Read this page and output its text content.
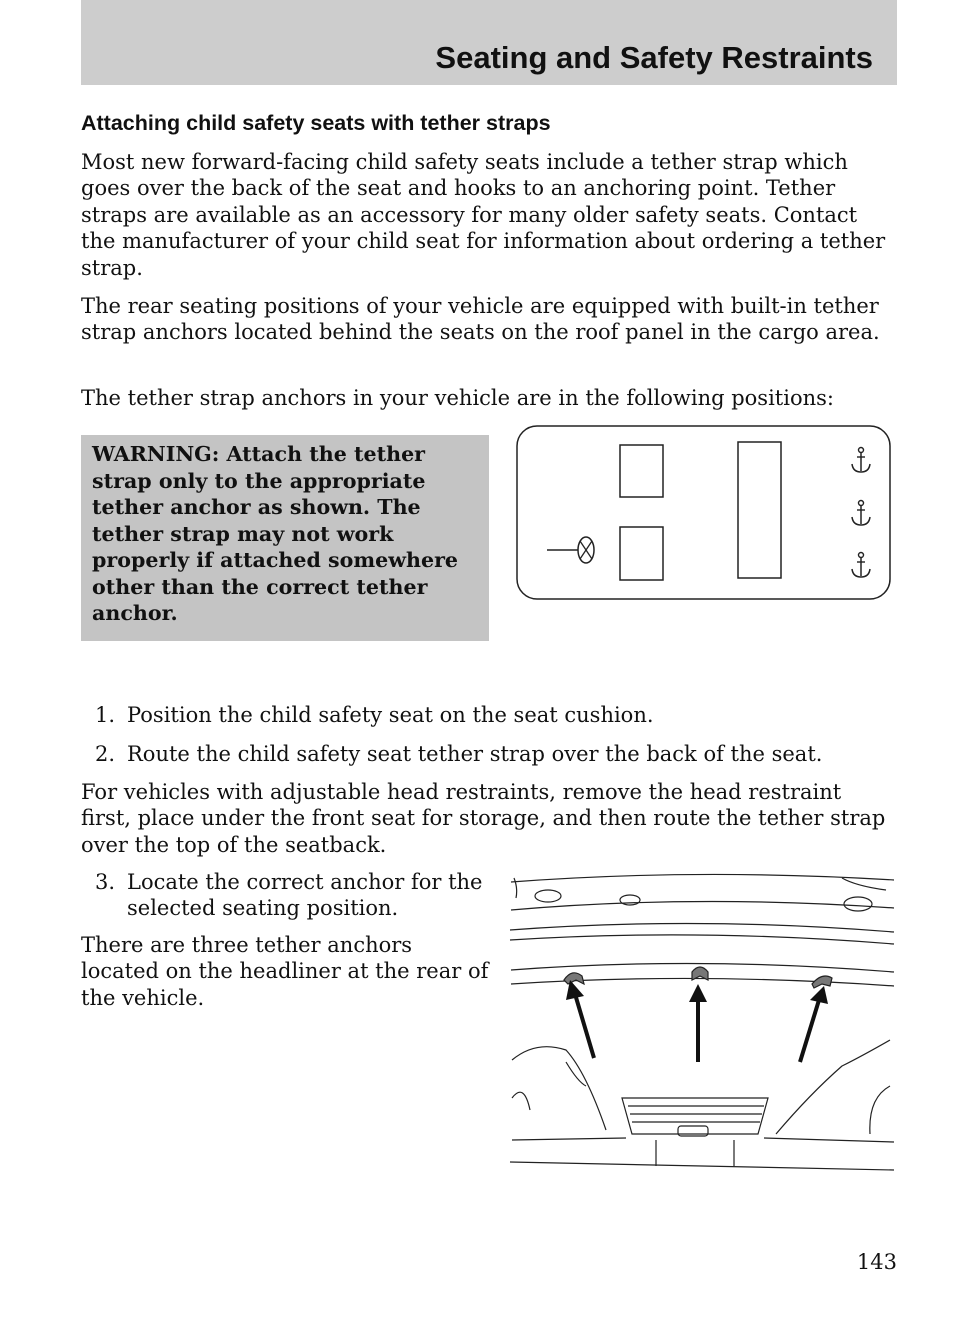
Seating and Safety Restraints
Attaching child safety seats with tether straps

Most new forward-facing child safety seats include a tether strap which goes over the back of the seat and hooks to an anchoring point. Tether straps are available as an accessory for many older safety seats. Contact the manufacturer of your child seat for information about ordering a tether strap.

The rear seating positions of your vehicle are equipped with built-in tether strap anchors located behind the seats on the roof panel in the cargo area.

The tether strap anchors in your vehicle are in the following positions:

WARNING: Attach the tether strap only to the appropriate tether anchor as shown. The tether strap may not work properly if attached somewhere other than the correct tether anchor.

1. Position the child safety seat on the seat cushion.
2. Route the child safety seat tether strap over the back of the seat.

For vehicles with adjustable head restraints, remove the head restraint first, place under the front seat for storage, and then route the tether strap over the top of the seatback.

3. Locate the correct anchor for the selected seating position.

There are three tether anchors located on the headliner at the rear of the vehicle.

143
